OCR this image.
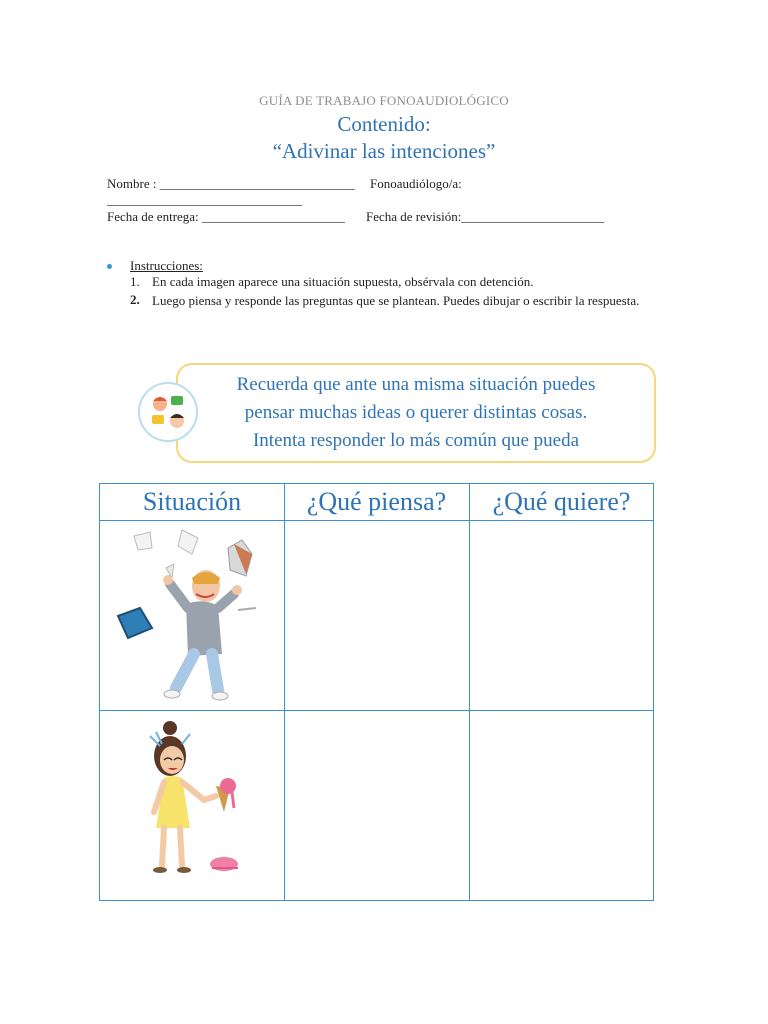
GUÍA DE TRABAJO FONOAUDIOLÓGICO
Contenido:
“Adivinar las intenciones”
Nombre : ______________________________ Fonoaudiólogo/a:
______________________________
Fecha de entrega: ______________________ Fecha de revisión:______________________
Instrucciones:
1. En cada imagen aparece una situación supuesta, obsérvala con detención.
2. Luego piensa y responde las preguntas que se plantean. Puedes dibujar o escribir la respuesta.
Recuerda que ante una misma situación puedes
pensar muchas ideas o querer distintas cosas.
Intenta responder lo más común que pueda
Situación	¿Qué piensa?	¿Qué quiere?
